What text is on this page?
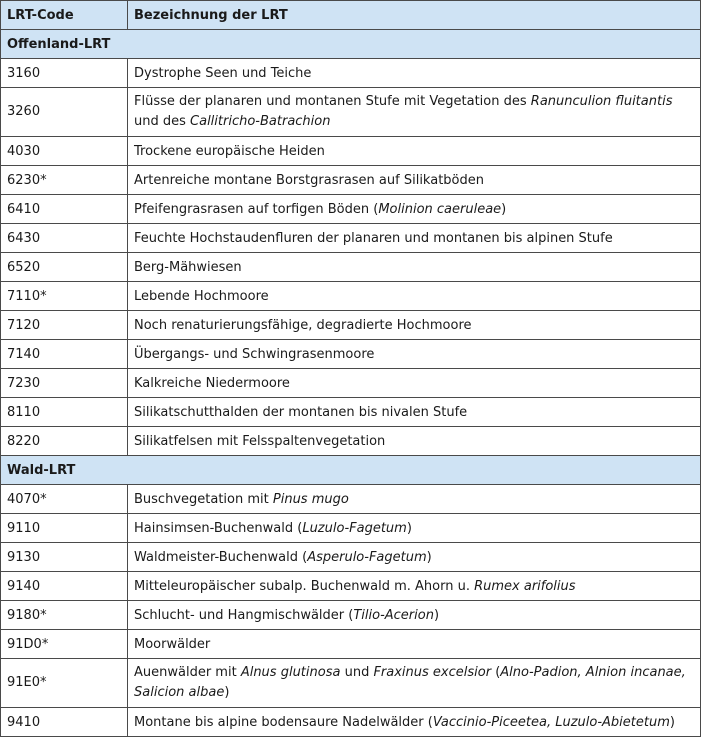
LRT-Code	Bezeichnung der LRT
Offenland-LRT	
3160	Dystrophe Seen und Teiche
3260	Flüsse der planaren und montanen Stufe mit Vegetation des Ranunculion fluitantis und des Callitricho-Batrachion
4030	Trockene europäische Heiden
6230*	Artenreiche montane Borstgrasrasen auf Silikatböden
6410	Pfeifengrasrasen auf torfigen Böden (Molinion caeruleae)
6430	Feuchte Hochstaudenfluren der planaren und montanen bis alpinen Stufe
6520	Berg-Mähwiesen
7110*	Lebende Hochmoore
7120	Noch renaturierungsfähige, degradierte Hochmoore
7140	Übergangs- und Schwingrasenmoore
7230	Kalkreiche Niedermoore
8110	Silikatschutthalden der montanen bis nivalen Stufe
8220	Silikatfelsen mit Felsspaltenvegetation
Wald-LRT	
4070*	Buschvegetation mit Pinus mugo
9110	Hainsimsen-Buchenwald (Luzulo-Fagetum)
9130	Waldmeister-Buchenwald (Asperulo-Fagetum)
9140	Mitteleuropäischer subalp. Buchenwald m. Ahorn u. Rumex arifolius
9180*	Schlucht- und Hangmischwälder (Tilio-Acerion)
91D0*	Moorwälder
91E0*	Auenwälder mit Alnus glutinosa und Fraxinus excelsior (Alno-Padion, Alnion incanae, Salicion albae)
9410	Montane bis alpine bodensaure Nadelwälder (Vaccinio-Piceetea, Luzulo-Abietetum)
